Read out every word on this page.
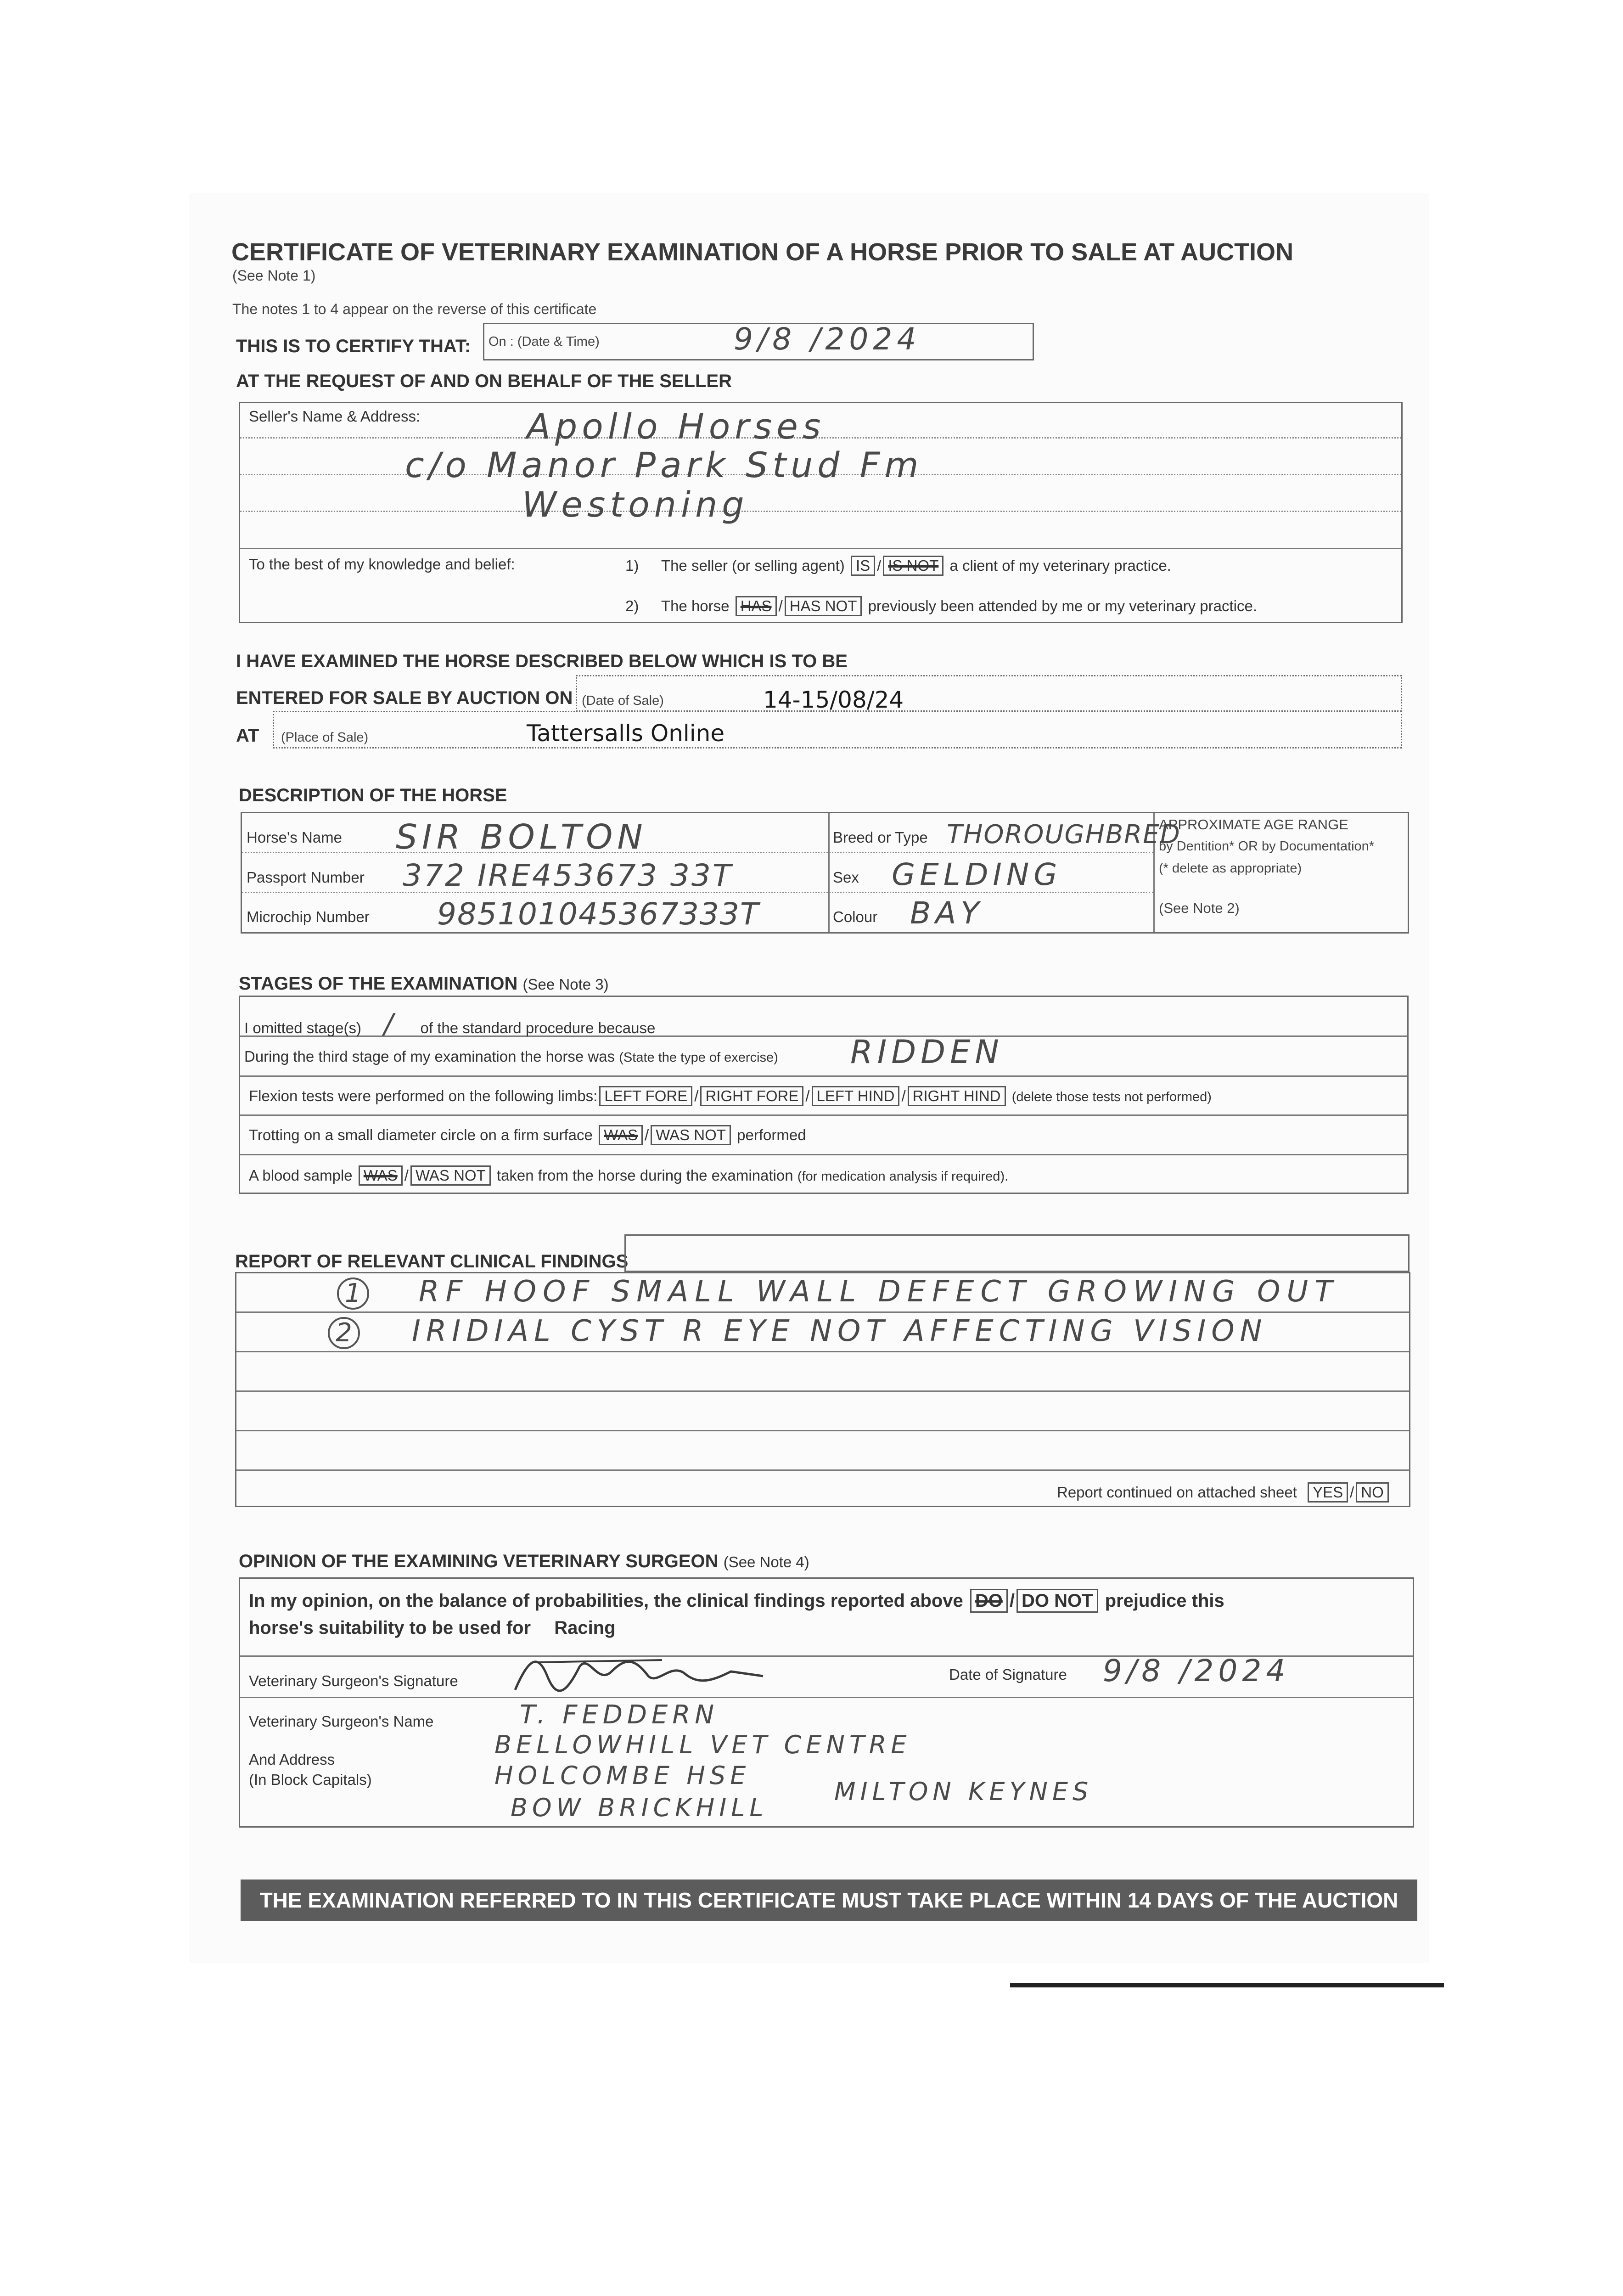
CERTIFICATE OF VETERINARY EXAMINATION OF A HORSE PRIOR TO SALE AT AUCTION
(See Note 1)
The notes 1 to 4 appear on the reverse of this certificate
THIS IS TO CERTIFY THAT: On : (Date & Time)	9/8 /2024
AT THE REQUEST OF AND ON BEHALF OF THE SELLER
Seller's Name & Address:	Apollo Horses
c/o Manor Park Stud Fm
Westoning
To the best of my knowledge and belief:	1) The seller (or selling agent) IS / IS NOT a client of my veterinary practice.
2) The horse HAS / HAS NOT previously been attended by me or my veterinary practice.
I HAVE EXAMINED THE HORSE DESCRIBED BELOW WHICH IS TO BE
ENTERED FOR SALE BY AUCTION ON (Date of Sale)	14-15/08/24
AT (Place of Sale)	Tattersalls Online
DESCRIPTION OF THE HORSE
Horse's Name SIR BOLTON
Passport Number 372 IRE453673 33T
Microchip Number 985101045367333T
Breed or Type THOROUGHBRED
Sex GELDING
Colour BAY
APPROXIMATE AGE RANGE
by Dentition* OR by Documentation*
(* delete as appropriate)
(See Note 2)
STAGES OF THE EXAMINATION (See Note 3)
I omitted stage(s) / of the standard procedure because
During the third stage of my examination the horse was (State the type of exercise) RIDDEN
Flexion tests were performed on the following limbs: LEFT FORE / RIGHT FORE / LEFT HIND / RIGHT HIND (delete those tests not performed)
Trotting on a small diameter circle on a firm surface WAS / WAS NOT performed
A blood sample WAS / WAS NOT taken from the horse during the examination (for medication analysis if required).
REPORT OF RELEVANT CLINICAL FINDINGS
1 RF HOOF SMALL WALL DEFECT GROWING OUT
2 IRIDIAL CYST R EYE NOT AFFECTING VISION
Report continued on attached sheet YES / NO
OPINION OF THE EXAMINING VETERINARY SURGEON (See Note 4)
In my opinion, on the balance of probabilities, the clinical findings reported above DO / DO NOT prejudice this
horse's suitability to be used for Racing
Veterinary Surgeon's Signature	Date of Signature 9/8 /2024
Veterinary Surgeon's Name	T. FEDDERN
And Address
(In Block Capitals)
BELLOWHILL VET CENTRE
HOLCOMBE HSE
BOW BRICKHILL
MILTON KEYNES
THE EXAMINATION REFERRED TO IN THIS CERTIFICATE MUST TAKE PLACE WITHIN 14 DAYS OF THE AUCTION
